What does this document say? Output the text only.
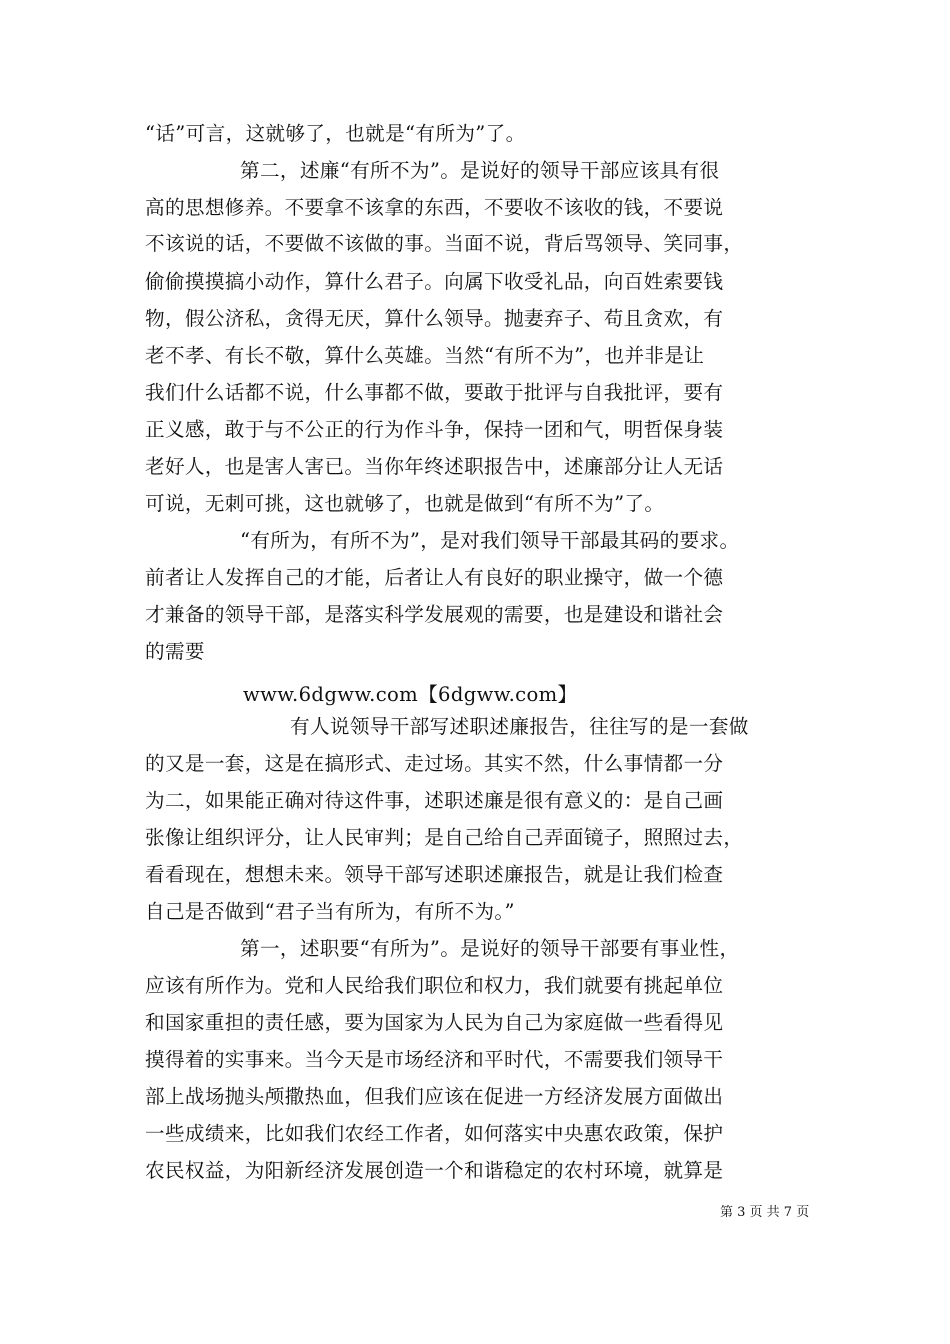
“话”可言，这就够了，也就是“有所为”了。
第二，述廉“有所不为”。是说好的领导干部应该具有很
高的思想修养。不要拿不该拿的东西，不要收不该收的钱，不要说
不该说的话，不要做不该做的事。当面不说，背后骂领导、笑同事，
偷偷摸摸搞小动作，算什么君子。向属下收受礼品，向百姓索要钱
物，假公济私，贪得无厌，算什么领导。抛妻弃子、苟且贪欢，有
老不孝、有长不敬，算什么英雄。当然“有所不为”，也并非是让
我们什么话都不说，什么事都不做，要敢于批评与自我批评，要有
正义感，敢于与不公正的行为作斗争，保持一团和气，明哲保身装
老好人，也是害人害已。当你年终述职报告中，述廉部分让人无话
可说，无刺可挑，这也就够了，也就是做到“有所不为”了。
“有所为，有所不为”，是对我们领导干部最其码的要求。
前者让人发挥自己的才能，后者让人有良好的职业操守，做一个德
才兼备的领导干部，是落实科学发展观的需要，也是建设和谐社会
的需要
www.6dgww.com【6dgww.com】
有人说领导干部写述职述廉报告，往往写的是一套做
的又是一套，这是在搞形式、走过场。其实不然，什么事情都一分
为二，如果能正确对待这件事，述职述廉是很有意义的：是自己画
张像让组织评分，让人民审判；是自己给自己弄面镜子，照照过去，
看看现在，想想未来。领导干部写述职述廉报告，就是让我们检查
自己是否做到“君子当有所为，有所不为。”
第一，述职要“有所为”。是说好的领导干部要有事业性，
应该有所作为。党和人民给我们职位和权力，我们就要有挑起单位
和国家重担的责任感，要为国家为人民为自己为家庭做一些看得见
摸得着的实事来。当今天是市场经济和平时代，不需要我们领导干
部上战场抛头颅撒热血，但我们应该在促进一方经济发展方面做出
一些成绩来，比如我们农经工作者，如何落实中央惠农政策，保护
农民权益，为阳新经济发展创造一个和谐稳定的农村环境，就算是
第 3 页 共 7 页
